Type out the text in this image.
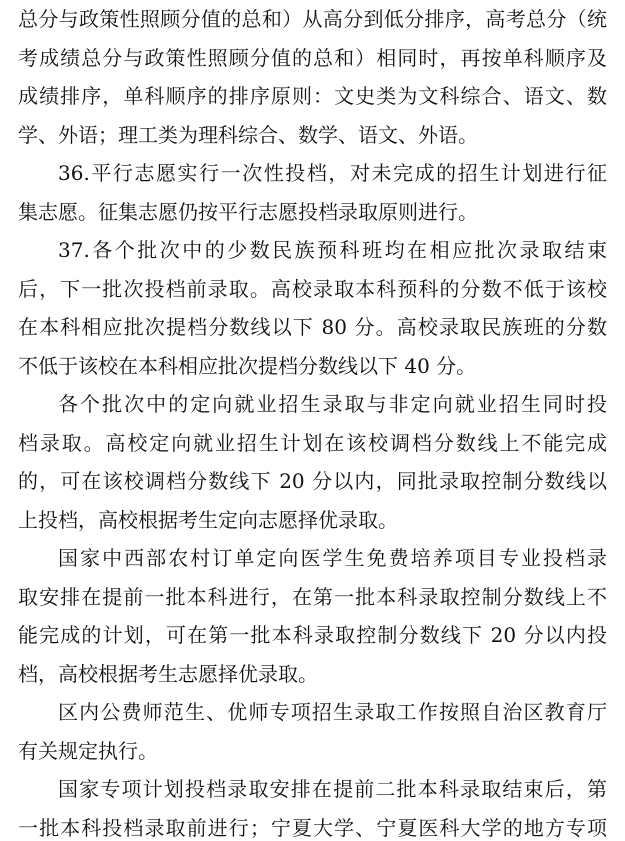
总分与政策性照顾分值的总和）从高分到低分排序，高考总分（统
考成绩总分与政策性照顾分值的总和）相同时，再按单科顺序及
成绩排序，单科顺序的排序原则：文史类为文科综合、语文、数
学、外语；理工类为理科综合、数学、语文、外语。
36.平行志愿实行一次性投档，对未完成的招生计划进行征
集志愿。征集志愿仍按平行志愿投档录取原则进行。
37.各个批次中的少数民族预科班均在相应批次录取结束
后，下一批次投档前录取。高校录取本科预科的分数不低于该校
在本科相应批次提档分数线以下 80 分。高校录取民族班的分数
不低于该校在本科相应批次提档分数线以下 40 分。
各个批次中的定向就业招生录取与非定向就业招生同时投
档录取。高校定向就业招生计划在该校调档分数线上不能完成
的，可在该校调档分数线下 20 分以内，同批录取控制分数线以
上投档，高校根据考生定向志愿择优录取。
国家中西部农村订单定向医学生免费培养项目专业投档录
取安排在提前一批本科进行，在第一批本科录取控制分数线上不
能完成的计划，可在第一批本科录取控制分数线下 20 分以内投
档，高校根据考生志愿择优录取。
区内公费师范生、优师专项招生录取工作按照自治区教育厅
有关规定执行。
国家专项计划投档录取安排在提前二批本科录取结束后，第
一批本科投档录取前进行；宁夏大学、宁夏医科大学的地方专项
